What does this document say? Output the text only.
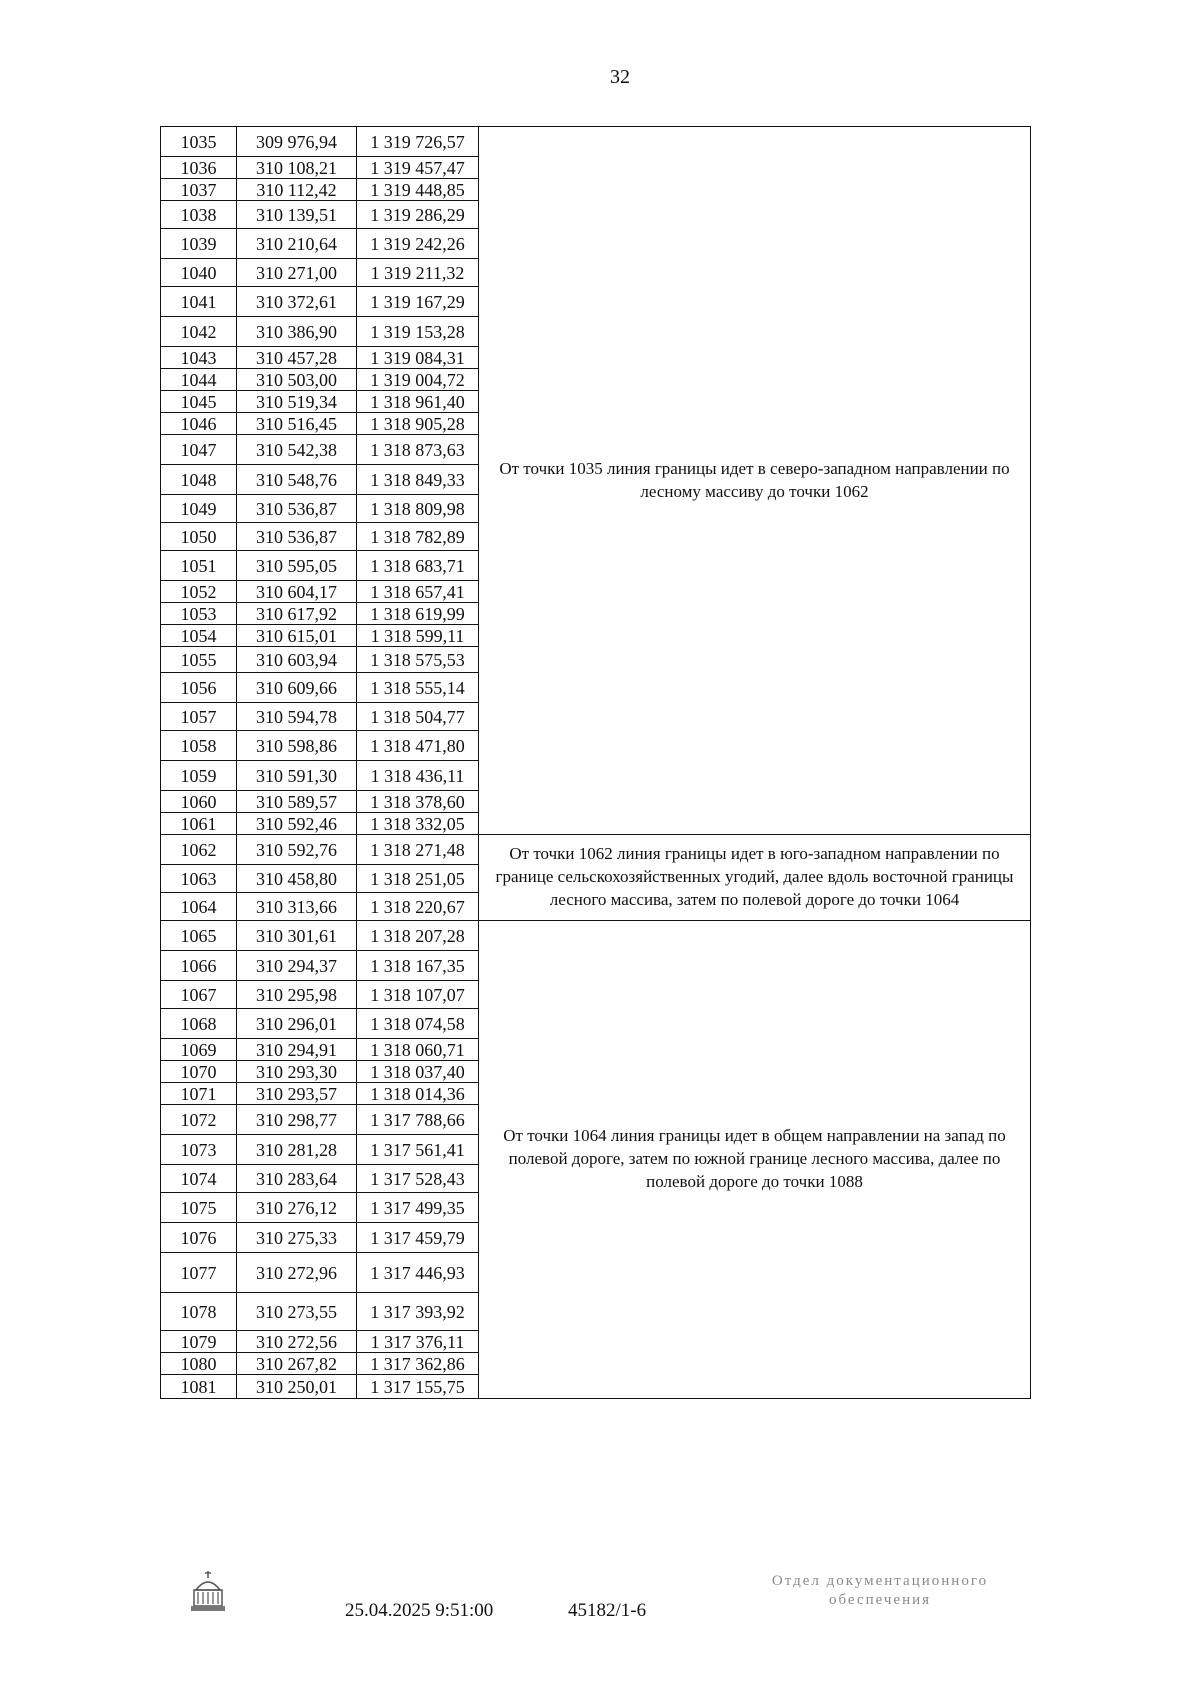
32
1035	309 976,94	1 319 726,57	От точки 1035 линия границы идет в северо-западном направлении по лесному массиву до точки 1062
1036	310 108,21	1 319 457,47	
1037	310 112,42	1 319 448,85	
1038	310 139,51	1 319 286,29	
1039	310 210,64	1 319 242,26	
1040	310 271,00	1 319 211,32	
1041	310 372,61	1 319 167,29	
1042	310 386,90	1 319 153,28	
1043	310 457,28	1 319 084,31	
1044	310 503,00	1 319 004,72	
1045	310 519,34	1 318 961,40	
1046	310 516,45	1 318 905,28	
1047	310 542,38	1 318 873,63	
1048	310 548,76	1 318 849,33	
1049	310 536,87	1 318 809,98	
1050	310 536,87	1 318 782,89	
1051	310 595,05	1 318 683,71	
1052	310 604,17	1 318 657,41	
1053	310 617,92	1 318 619,99	
1054	310 615,01	1 318 599,11	
1055	310 603,94	1 318 575,53	
1056	310 609,66	1 318 555,14	
1057	310 594,78	1 318 504,77	
1058	310 598,86	1 318 471,80	
1059	310 591,30	1 318 436,11	
1060	310 589,57	1 318 378,60	
1061	310 592,46	1 318 332,05	
1062	310 592,76	1 318 271,48	От точки 1062 линия границы идет в юго-западном направлении по границе сельскохозяйственных угодий, далее вдоль восточной границы лесного массива, затем по полевой дороге до точки 1064
1063	310 458,80	1 318 251,05	
1064	310 313,66	1 318 220,67	
1065	310 301,61	1 318 207,28	От точки 1064 линия границы идет в общем направлении на запад по полевой дороге, затем по южной границе лесного массива, далее по полевой дороге до точки 1088
1066	310 294,37	1 318 167,35	
1067	310 295,98	1 318 107,07	
1068	310 296,01	1 318 074,58	
1069	310 294,91	1 318 060,71	
1070	310 293,30	1 318 037,40	
1071	310 293,57	1 318 014,36	
1072	310 298,77	1 317 788,66	
1073	310 281,28	1 317 561,41	
1074	310 283,64	1 317 528,43	
1075	310 276,12	1 317 499,35	
1076	310 275,33	1 317 459,79	
1077	310 272,96	1 317 446,93	
1078	310 273,55	1 317 393,92	
1079	310 272,56	1 317 376,11	
1080	310 267,82	1 317 362,86	
1081	310 250,01	1 317 155,75	
25.04.2025 9:51:00	45182/1-6
Отдел документационного
обеспечения
